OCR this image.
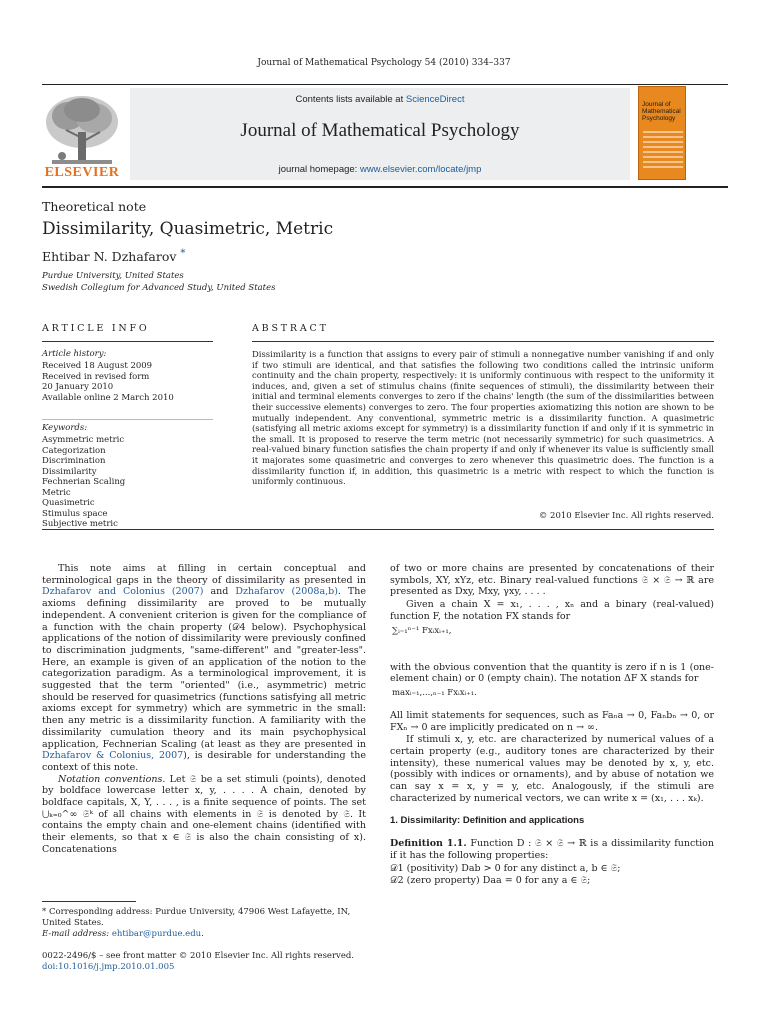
Journal of Mathematical Psychology 54 (2010) 334–337
ELSEVIER
Contents lists available at ScienceDirect
Journal of Mathematical Psychology
journal homepage: www.elsevier.com/locate/jmp
Journal of Mathematical Psychology
Theoretical note
Dissimilarity, Quasimetric, Metric
Ehtibar N. Dzhafarov *
Purdue University, United States
Swedish Collegium for Advanced Study, United States
ARTICLE INFO
Article history:
Received 18 August 2009
Received in revised form
20 January 2010
Available online 2 March 2010
Keywords:
Asymmetric metric
Categorization
Discrimination
Dissimilarity
Fechnerian Scaling
Metric
Quasimetric
Stimulus space
Subjective metric
ABSTRACT
Dissimilarity is a function that assigns to every pair of stimuli a nonnegative number vanishing if and only if two stimuli are identical, and that satisfies the following two conditions called the intrinsic uniform continuity and the chain property, respectively: it is uniformly continuous with respect to the uniformity it induces, and, given a set of stimulus chains (finite sequences of stimuli), the dissimilarity between their initial and terminal elements converges to zero if the chains' length (the sum of the dissimilarities between their successive elements) converges to zero. The four properties axiomatizing this notion are shown to be mutually independent. Any conventional, symmetric metric is a dissimilarity function. A quasimetric (satisfying all metric axioms except for symmetry) is a dissimilarity function if and only if it is symmetric in the small. It is proposed to reserve the term metric (not necessarily symmetric) for such quasimetrics. A real-valued binary function satisfies the chain property if and only if whenever its value is sufficiently small it majorates some quasimetric and converges to zero whenever this quasimetric does. The function is a dissimilarity function if, in addition, this quasimetric is a metric with respect to which the function is uniformly continuous.
© 2010 Elsevier Inc. All rights reserved.

This note aims at filling in certain conceptual and terminological gaps in the theory of dissimilarity as presented in Dzhafarov and Colonius (2007) and Dzhafarov (2008a,b). The axioms defining dissimilarity are proved to be mutually independent. A convenient criterion is given for the compliance of a function with the chain property (𝒟4 below). Psychophysical applications of the notion of dissimilarity were previously confined to discrimination judgments, "same-different" and "greater-less". Here, an example is given of an application of the notion to the categorization paradigm. As a terminological improvement, it is suggested that the term "oriented" (i.e., asymmetric) metric should be reserved for quasimetrics (functions satisfying all metric axioms except for symmetry) which are symmetric in the small: then any metric is a dissimilarity function. A familiarity with the dissimilarity cumulation theory and its main psychophysical application, Fechnerian Scaling (at least as they are presented in Dzhafarov & Colonius, 2007), is desirable for understanding the context of this note.

Notation conventions. Let 𝔖 be a set stimuli (points), denoted by boldface lowercase letter x, y, . . . . A chain, denoted by boldface capitals, X, Y, . . . , is a finite sequence of points. The set ⋃ₖ₌₀^∞ 𝔖ᵏ of all chains with elements in 𝔖 is denoted by 𝔖. It contains the empty chain and one-element chains (identified with their elements, so that x ∈ 𝔖 is also the chain consisting of x). Concatenations

of two or more chains are presented by concatenations of their symbols, XY, xYz, etc. Binary real-valued functions 𝔖 × 𝔖 → ℝ are presented as Dxy, Mxy, γxy, . . . .

Given a chain X = x₁, . . . , xₙ and a binary (real-valued) function F, the notation FX stands for

∑ᵢ₌₁ⁿ⁻¹ Fxᵢxᵢ₊₁,

with the obvious convention that the quantity is zero if n is 1 (one-element chain) or 0 (empty chain). The notation ΔF X stands for

maxᵢ₌₁,...,ₙ₋₁ Fxᵢxᵢ₊₁.

All limit statements for sequences, such as Faₙa → 0, Faₙbₙ → 0, or FXₙ → 0 are implicitly predicated on n → ∞.

If stimuli x, y, etc. are characterized by numerical values of a certain property (e.g., auditory tones are characterized by their intensity), these numerical values may be denoted by x, y, etc. (possibly with indices or ornaments), and by abuse of notation we can say x = x, y = y, etc. Analogously, if the stimuli are characterized by numerical vectors, we can write x = (x₁, . . . xₖ).

1. Dissimilarity: Definition and applications

Definition 1.1. Function D : 𝔖 × 𝔖 → ℝ is a dissimilarity function if it has the following properties:

𝒟1 (positivity) Dab > 0 for any distinct a, b ∈ 𝔖;

𝒟2 (zero property) Daa = 0 for any a ∈ 𝔖;

* Corresponding address: Purdue University, 47906 West Lafayette, IN, United States.
E-mail address: ehtibar@purdue.edu.
0022-2496/$ – see front matter © 2010 Elsevier Inc. All rights reserved.
doi:10.1016/j.jmp.2010.01.005
